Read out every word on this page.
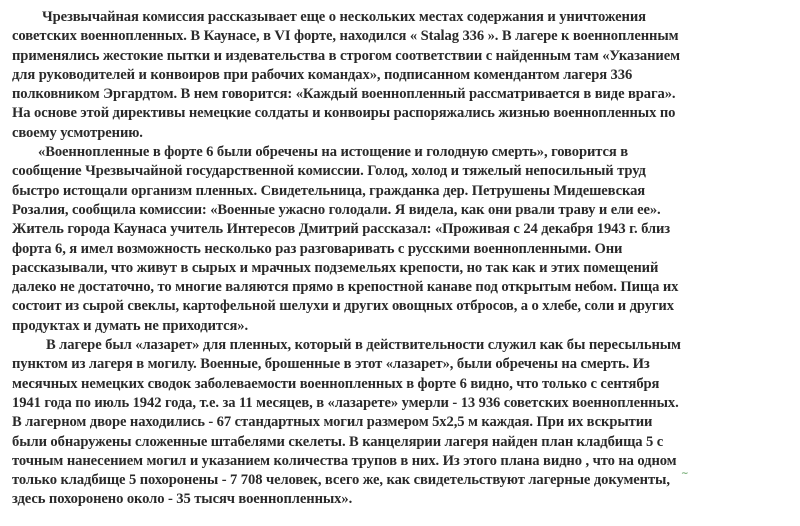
Чрезвычайная комиссия рассказывает еще о нескольких местах содержания и уничтожения
советских военнопленных. В Каунасе, в VI форте, находился « Stalag 336 ». В лагере к военнопленным
применялись жестокие пытки и издевательства в строгом соответствии с найденным там «Указанием
для руководителей и конвоиров при рабочих командах», подписанном комендантом лагеря 336
полковником Эргардтом. В нем говорится: «Каждый военнопленный рассматривается в виде врага».
На основе этой директивы немецкие солдаты и конвоиры распоряжались жизнью военнопленных по
своему усмотрению.
«Военнопленные в форте 6 были обречены на истощение и голодную смерть», говорится в
сообщение Чрезвычайной государственной комиссии. Голод, холод и тяжелый непосильный труд
быстро истощали организм пленных. Свидетельница, гражданка дер. Петрушены Мидешевская
Розалия, сообщила комиссии: «Военные ужасно голодали. Я видела, как они рвали траву и ели ее».
Житель города Каунаса учитель Интересов Дмитрий рассказал: «Проживая с 24 декабря 1943 г. близ
форта 6, я имел возможность несколько раз разговаривать с русскими военнопленными. Они
рассказывали, что живут в сырых и мрачных подземельях крепости, но так как и этих помещений
далеко не достаточно, то многие валяются прямо в крепостной канаве под открытым небом. Пища их
состоит из сырой свеклы, картофельной шелухи и других овощных отбросов, а о хлебе, соли и других
продуктах и думать не приходится».
В лагере был «лазарет» для пленных, который в действительности служил как бы пересыльным
пунктом из лагеря в могилу. Военные, брошенные в этот «лазарет», были обречены на смерть. Из
месячных немецких сводок заболеваемости военнопленных в форте 6 видно, что только с сентября
1941 года по июль 1942 года, т.е. за 11 месяцев, в «лазарете» умерли - 13 936 советских военнопленных.
В лагерном дворе находились - 67 стандартных могил размером 5х2,5 м каждая. При их вскрытии
были обнаружены сложенные штабелями скелеты. В канцелярии лагеря найден план кладбища 5 с
точным нанесением могил и указанием количества трупов в них. Из этого плана видно , что на одном
только кладбище 5 похоронены - 7 708 человек, всего же, как свидетельствуют лагерные документы,
здесь похоронено около - 35 тысяч военнопленных».
~
